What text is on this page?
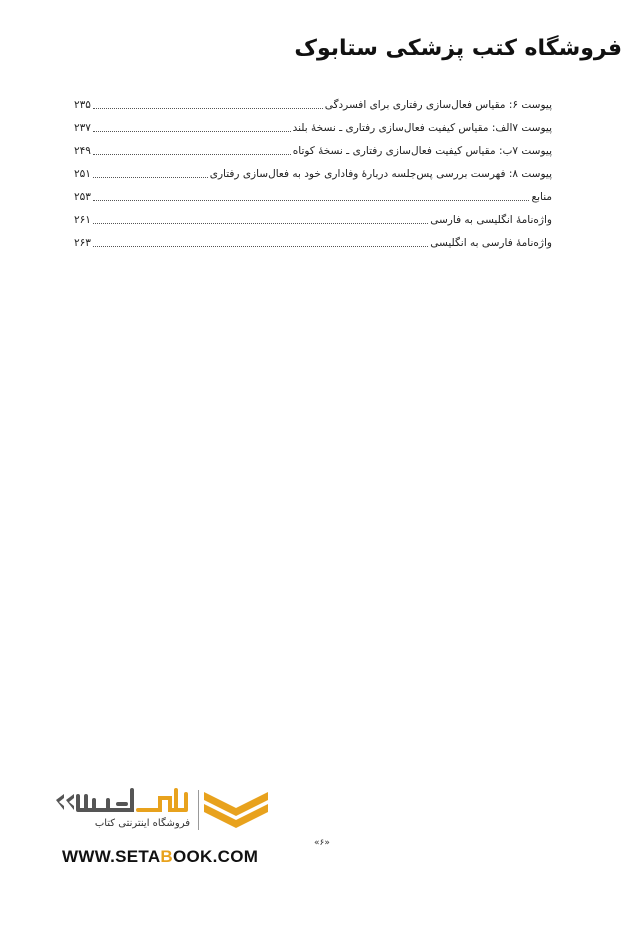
فروشگاه کتب پزشکی ستابوک
پیوست ۶: مقیاس فعال‌سازی رفتاری برای افسردگی
۲۳۵
پیوست ۷الف: مقیاس کیفیت فعال‌سازی رفتاری ـ نسخهٔ بلند
۲۳۷
پیوست ۷ب: مقیاس کیفیت فعال‌سازی رفتاری ـ نسخهٔ کوتاه
۲۴۹
پیوست ۸: فهرست بررسی پس‌جلسه دربارهٔ وفاداری خود به فعال‌سازی رفتاری
۲۵۱
منابع
۲۵۳
واژه‌نامهٔ انگلیسی به فارسی
۲۶۱
واژه‌نامهٔ فارسی به انگلیسی
۲۶۳
فروشگاه اینترنتی کتاب
WWW.SETABOOK.COM
«۶»
